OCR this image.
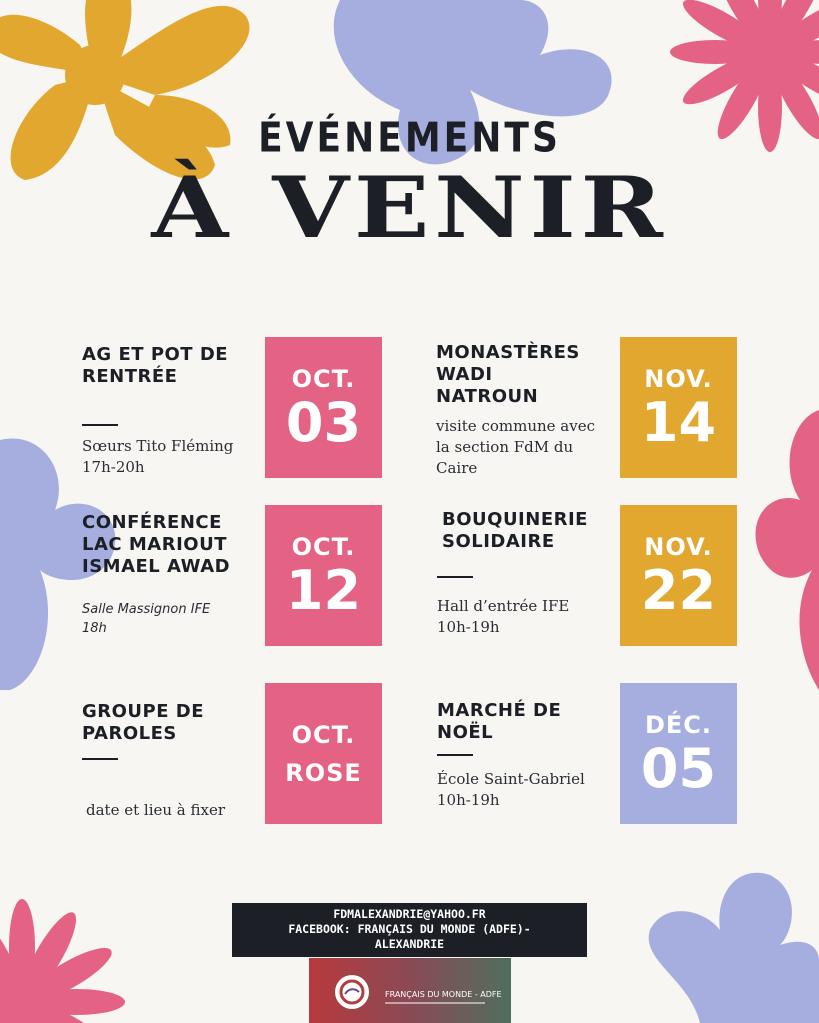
ÉVÉNEMENTS
À VENIR
AG ET POT DE
RENTRÉE
Sœurs Tito Fléming
17h-20h
OCT.
03
MONASTÈRES
WADI
NATROUN
visite commune avec
la section FdM du
Caire
NOV.
14
CONFÉRENCE
LAC MARIOUT
ISMAEL AWAD
Salle Massignon IFE
18h
OCT.
12
BOUQUINERIE
SOLIDAIRE
Hall d’entrée IFE
10h-19h
NOV.
22
GROUPE DE
PAROLES
date et lieu à fixer
OCT.
ROSE
MARCHÉ DE
NOËL
École Saint-Gabriel
10h-19h
DÉC.
05
FDMALEXANDRIE@YAHOO.FR
FACEBOOK: FRANÇAIS DU MONDE (ADFE)-
ALEXANDRIE
FRANÇAIS DU MONDE - ADFE
